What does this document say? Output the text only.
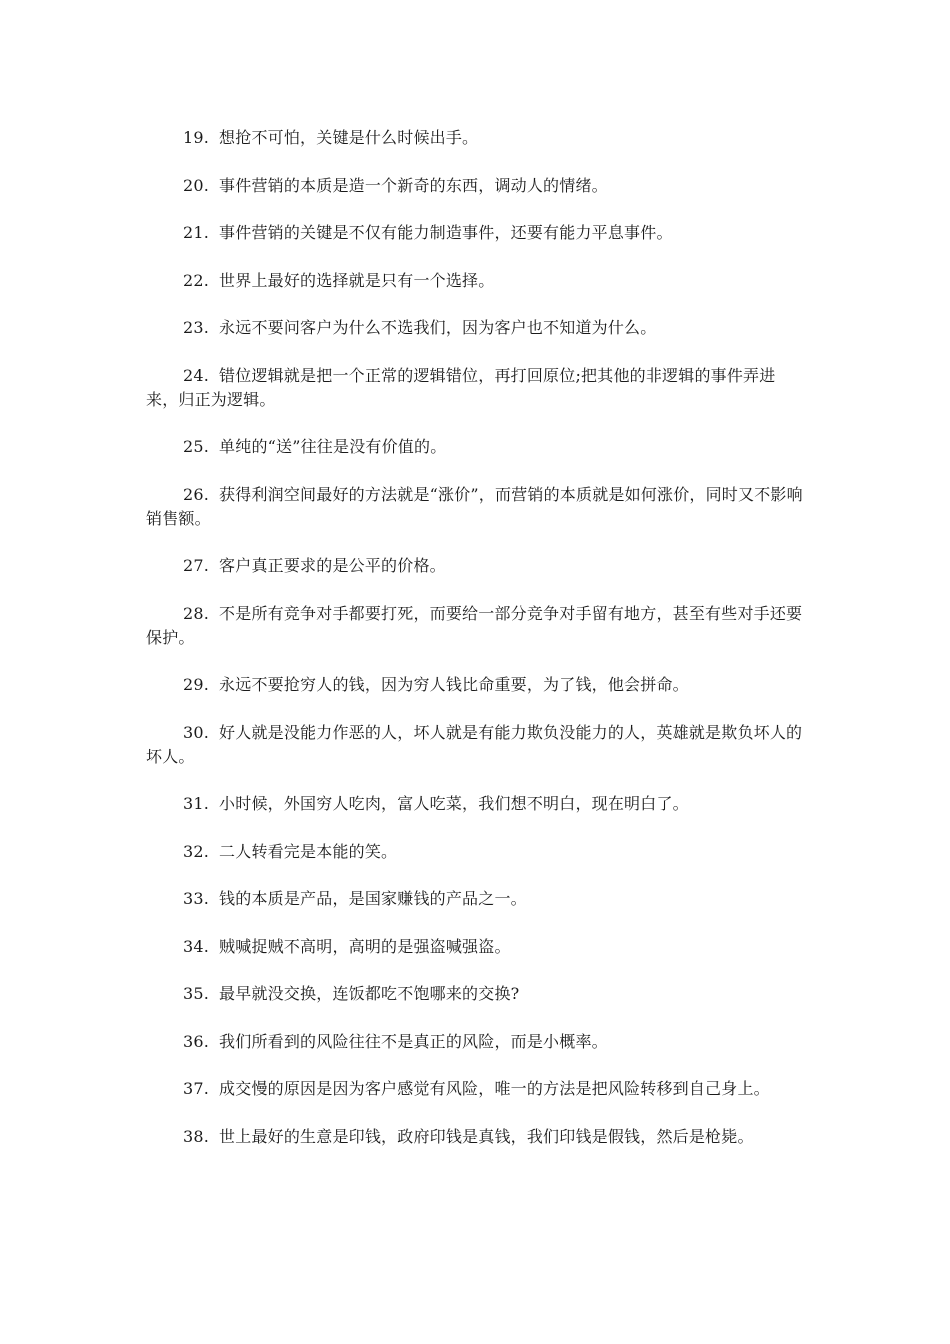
19. 想抢不可怕，关键是什么时候出手。

20. 事件营销的本质是造一个新奇的东西，调动人的情绪。

21. 事件营销的关键是不仅有能力制造事件，还要有能力平息事件。

22. 世界上最好的选择就是只有一个选择。

23. 永远不要问客户为什么不选我们，因为客户也不知道为什么。

24. 错位逻辑就是把一个正常的逻辑错位，再打回原位;把其他的非逻辑的事件弄进来，归正为逻辑。

25. 单纯的“送”往往是没有价值的。

26. 获得利润空间最好的方法就是“涨价”，而营销的本质就是如何涨价，同时又不影响销售额。

27. 客户真正要求的是公平的价格。

28. 不是所有竞争对手都要打死，而要给一部分竞争对手留有地方，甚至有些对手还要保护。

29. 永远不要抢穷人的钱，因为穷人钱比命重要，为了钱，他会拼命。

30. 好人就是没能力作恶的人，坏人就是有能力欺负没能力的人，英雄就是欺负坏人的坏人。

31. 小时候，外国穷人吃肉，富人吃菜，我们想不明白，现在明白了。

32. 二人转看完是本能的笑。

33. 钱的本质是产品，是国家赚钱的产品之一。

34. 贼喊捉贼不高明，高明的是强盗喊强盗。

35. 最早就没交换，连饭都吃不饱哪来的交换?

36. 我们所看到的风险往往不是真正的风险，而是小概率。

37. 成交慢的原因是因为客户感觉有风险，唯一的方法是把风险转移到自己身上。

38. 世上最好的生意是印钱，政府印钱是真钱，我们印钱是假钱，然后是枪毙。
